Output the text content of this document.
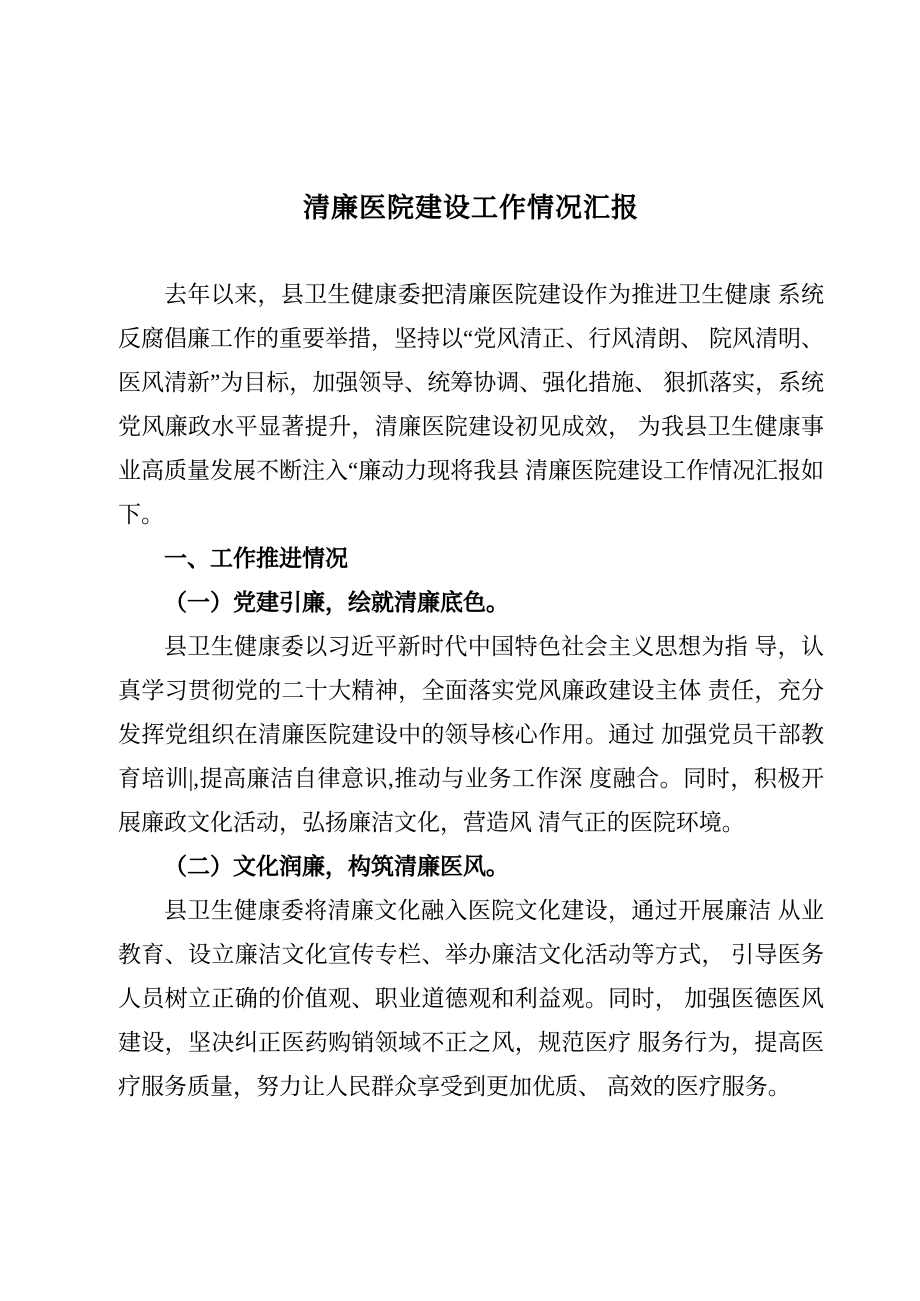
清廉医院建设工作情况汇报

去年以来，县卫生健康委把清廉医院建设作为推进卫生健康 系统反腐倡廉工作的重要举措，坚持以“党风清正、行风清朗、 院风清明、医风清新”为目标，加强领导、统筹协调、强化措施、 狠抓落实，系统党风廉政水平显著提升，清廉医院建设初见成效， 为我县卫生健康事业高质量发展不断注入“廉动力现将我县 清廉医院建设工作情况汇报如下。

一、工作推进情况

（一）党建引廉，绘就清廉底色。

县卫生健康委以习近平新时代中国特色社会主义思想为指 导，认真学习贯彻党的二十大精神，全面落实党风廉政建设主体 责任，充分发挥党组织在清廉医院建设中的领导核心作用。通过 加强党员干部教育培训|,提高廉洁自律意识,推动与业务工作深 度融合。同时，积极开展廉政文化活动，弘扬廉洁文化，营造风 清气正的医院环境。

（二）文化润廉，构筑清廉医风。

县卫生健康委将清廉文化融入医院文化建设，通过开展廉洁 从业教育、设立廉洁文化宣传专栏、举办廉洁文化活动等方式， 引导医务人员树立正确的价值观、职业道德观和利益观。同时， 加强医德医风建设，坚决纠正医药购销领域不正之风，规范医疗 服务行为，提高医疗服务质量，努力让人民群众享受到更加优质、 高效的医疗服务。
